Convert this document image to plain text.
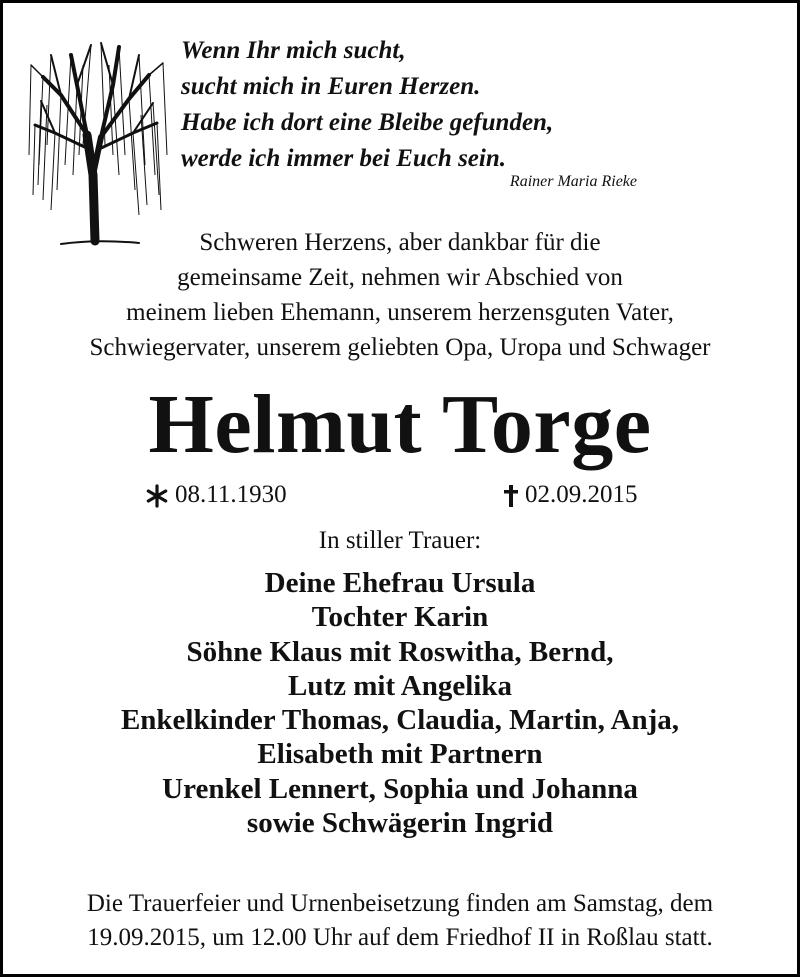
Wenn Ihr mich sucht,
sucht mich in Euren Herzen.
Habe ich dort eine Bleibe gefunden,
werde ich immer bei Euch sein.
Rainer Maria Rieke
Schweren Herzens, aber dankbar für die
gemeinsame Zeit, nehmen wir Abschied von
meinem lieben Ehemann, unserem herzensguten Vater,
Schwiegervater, unserem geliebten Opa, Uropa und Schwager
Helmut Torge
08.11.1930	02.09.2015
In stiller Trauer:
Deine Ehefrau Ursula
Tochter Karin
Söhne Klaus mit Roswitha, Bernd,
Lutz mit Angelika
Enkelkinder Thomas, Claudia, Martin, Anja,
Elisabeth mit Partnern
Urenkel Lennert, Sophia und Johanna
sowie Schwägerin Ingrid
Die Trauerfeier und Urnenbeisetzung finden am Samstag, dem
19.09.2015, um 12.00 Uhr auf dem Friedhof II in Roßlau statt.
